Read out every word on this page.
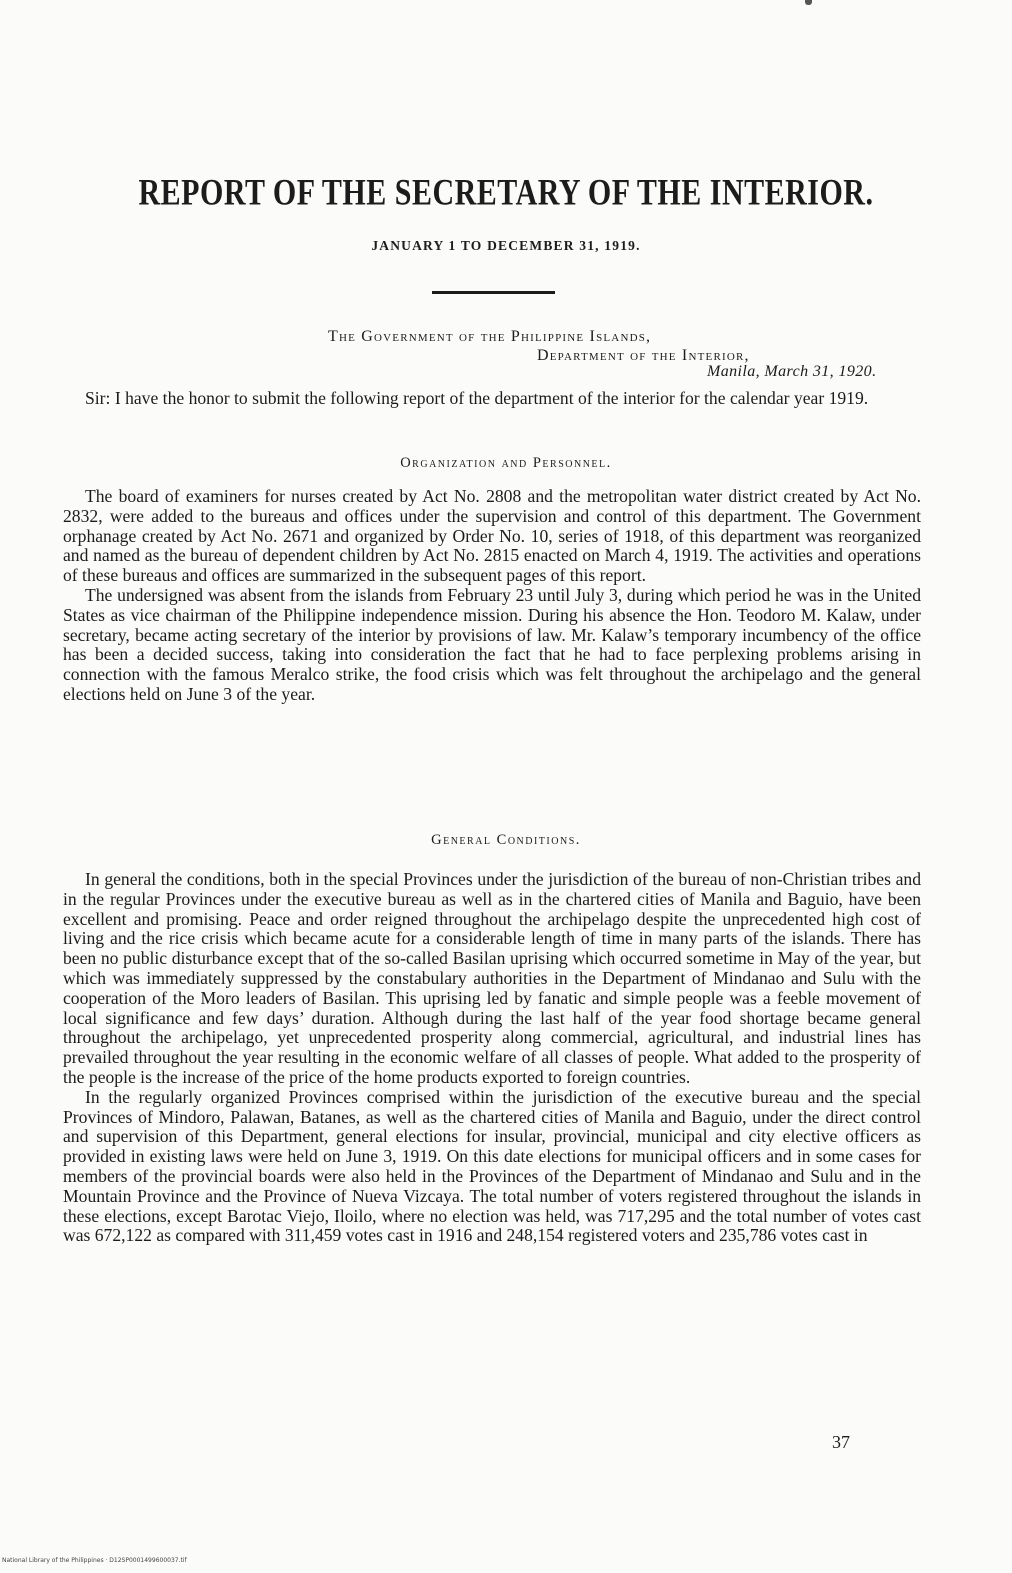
REPORT OF THE SECRETARY OF THE INTERIOR.
JANUARY 1 TO DECEMBER 31, 1919.
The Government of the Philippine Islands,
Department of the Interior,
Manila, March 31, 1920.

Sir: I have the honor to submit the following report of the department of the interior for the calendar year 1919.

Organization and Personnel.

The board of examiners for nurses created by Act No. 2808 and the metropolitan water district created by Act No. 2832, were added to the bureaus and offices under the supervision and control of this department. The Government orphanage created by Act No. 2671 and organized by Order No. 10, series of 1918, of this department was reorganized and named as the bureau of dependent children by Act No. 2815 enacted on March 4, 1919. The activities and operations of these bureaus and offices are summarized in the subsequent pages of this report.

The undersigned was absent from the islands from February 23 until July 3, during which period he was in the United States as vice chairman of the Philippine independence mission. During his absence the Hon. Teodoro M. Kalaw, under secretary, became acting secretary of the interior by provisions of law. Mr. Kalaw’s temporary incumbency of the office has been a decided success, taking into consideration the fact that he had to face perplexing problems arising in connection with the famous Meralco strike, the food crisis which was felt throughout the archipelago and the general elections held on June 3 of the year.

General Conditions.

In general the conditions, both in the special Provinces under the jurisdiction of the bureau of non-Christian tribes and in the regular Provinces under the executive bureau as well as in the chartered cities of Manila and Baguio, have been excellent and promising. Peace and order reigned throughout the archipelago despite the unprecedented high cost of living and the rice crisis which became acute for a considerable length of time in many parts of the islands. There has been no public disturbance except that of the so-called Basilan uprising which occurred sometime in May of the year, but which was immediately suppressed by the constabulary authorities in the Department of Mindanao and Sulu with the cooperation of the Moro leaders of Basilan. This uprising led by fanatic and simple people was a feeble movement of local significance and few days’ duration. Although during the last half of the year food shortage became general throughout the archipelago, yet unprecedented prosperity along commercial, agricultural, and industrial lines has prevailed throughout the year resulting in the economic welfare of all classes of people. What added to the prosperity of the people is the increase of the price of the home products exported to foreign countries.

In the regularly organized Provinces comprised within the jurisdiction of the executive bureau and the special Provinces of Mindoro, Palawan, Batanes, as well as the chartered cities of Manila and Baguio, under the direct control and supervision of this Department, general elections for insular, provincial, municipal and city elective officers as provided in existing laws were held on June 3, 1919. On this date elections for municipal officers and in some cases for members of the provincial boards were also held in the Provinces of the Department of Mindanao and Sulu and in the Mountain Province and the Province of Nueva Vizcaya. The total number of voters registered throughout the islands in these elections, except Barotac Viejo, Iloilo, where no election was held, was 717,295 and the total number of votes cast was 672,122 as compared with 311,459 votes cast in 1916 and 248,154 registered voters and 235,786 votes cast in

37
National Library of the Philippines · D12SP0001499600037.tif
